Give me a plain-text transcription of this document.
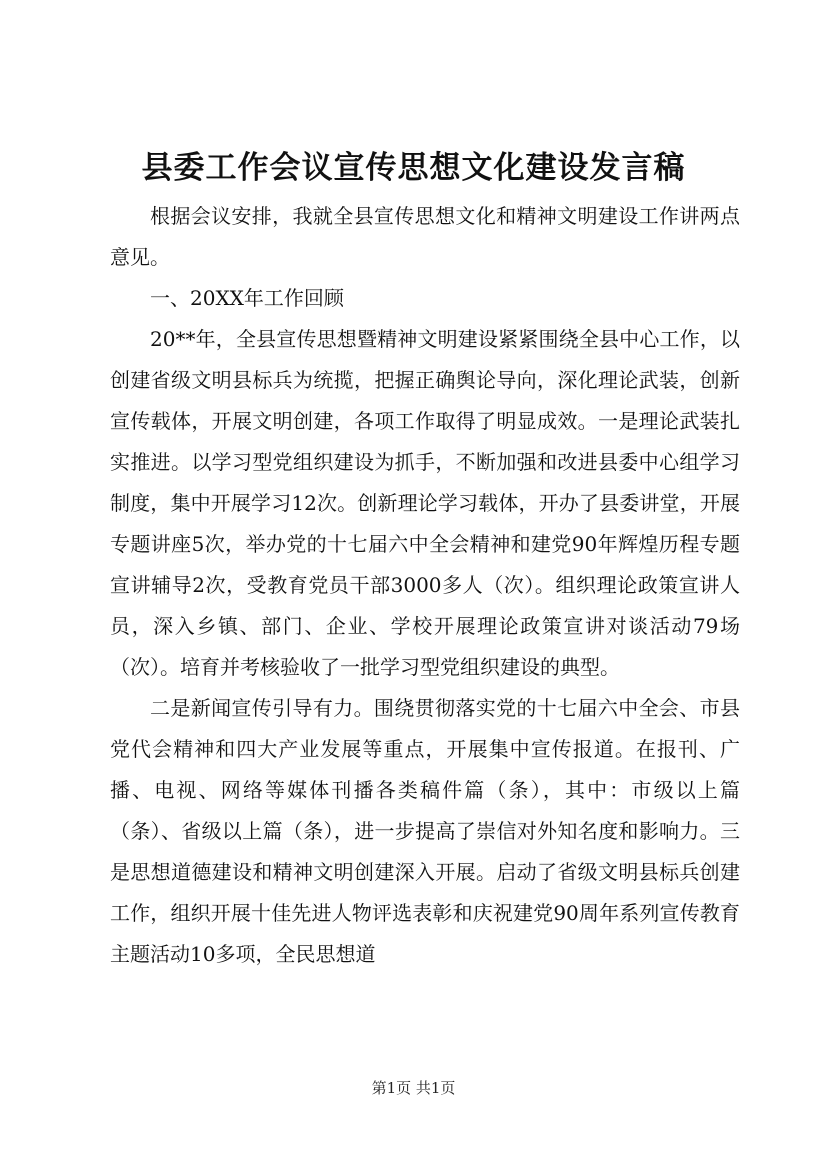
县委工作会议宣传思想文化建设发言稿

根据会议安排，我就全县宣传思想文化和精神文明建设工作讲两点意见。

一、20XX年工作回顾

20**年，全县宣传思想暨精神文明建设紧紧围绕全县中心工作，以创建省级文明县标兵为统揽，把握正确舆论导向，深化理论武装，创新宣传载体，开展文明创建，各项工作取得了明显成效。一是理论武装扎实推进。以学习型党组织建设为抓手，不断加强和改进县委中心组学习制度，集中开展学习12次。创新理论学习载体，开办了县委讲堂，开展专题讲座5次，举办党的十七届六中全会精神和建党90年辉煌历程专题宣讲辅导2次，受教育党员干部3000多人（次）。组织理论政策宣讲人员，深入乡镇、部门、企业、学校开展理论政策宣讲对谈活动79场（次）。培育并考核验收了一批学习型党组织建设的典型。

二是新闻宣传引导有力。围绕贯彻落实党的十七届六中全会、市县党代会精神和四大产业发展等重点，开展集中宣传报道。在报刊、广播、电视、网络等媒体刊播各类稿件篇（条），其中：市级以上篇（条）、省级以上篇（条），进一步提高了崇信对外知名度和影响力。三是思想道德建设和精神文明创建深入开展。启动了省级文明县标兵创建工作，组织开展十佳先进人物评选表彰和庆祝建党90周年系列宣传教育主题活动10多项，全民思想道

第1页 共1页
